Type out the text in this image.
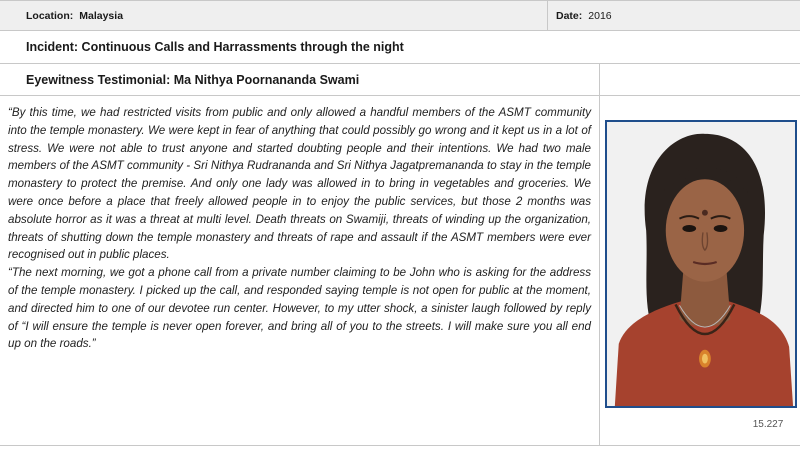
Location: Malaysia	Date: 2016
Incident: Continuous Calls and Harrassments through the night
Eyewitness Testimonial: Ma Nithya Poornananda Swami

“By this time, we had restricted visits from public and only allowed a handful members of the ASMT community into the temple monastery. We were kept in fear of anything that could possibly go wrong and it kept us in a lot of stress. We were not able to trust anyone and started doubting people and their intentions. We had two male members of the ASMT community - Sri Nithya Rudrananda and Sri Nithya Jagatpremananda to stay in the temple monastery to protect the premise. And only one lady was allowed in to bring in vegetables and groceries. We were once before a place that freely allowed people in to enjoy the public services, but those 2 months was absolute horror as it was a threat at multi level. Death threats on Swamiji, threats of winding up the organization, threats of shutting down the temple monastery and threats of rape and assault if the ASMT members were ever recognised out in public places.

“The next morning, we got a phone call from a private number claiming to be John who is asking for the address of the temple monastery. I picked up the call, and responded saying temple is not open for public at the moment, and directed him to one of our devotee run center. However, to my utter shock, a sinister laugh followed by reply of “I will ensure the temple is never open forever, and bring all of you to the streets. I will make sure you all end up on the roads.”

15.227
